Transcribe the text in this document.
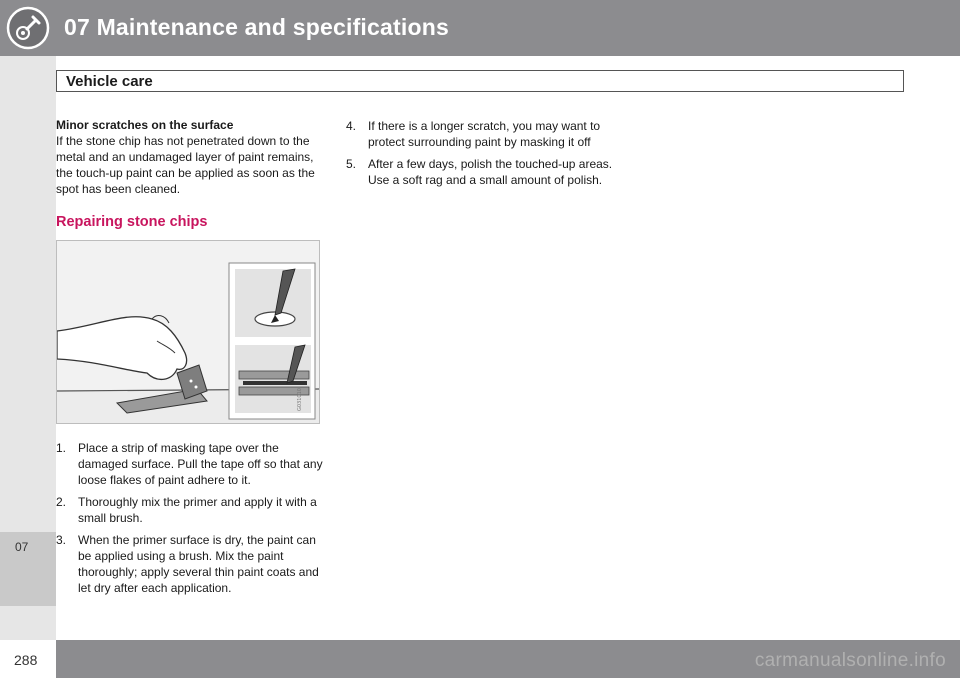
07 Maintenance and specifications
07
Vehicle care

Minor scratches on the surface

If the stone chip has not penetrated down to the metal and an undamaged layer of paint remains, the touch-up paint can be applied as soon as the spot has been cleaned.

Repairing stone chips

G031010
1. Place a strip of masking tape over the damaged surface. Pull the tape off so that any loose flakes of paint adhere to it.
2. Thoroughly mix the primer and apply it with a small brush.
3. When the primer surface is dry, the paint can be applied using a brush. Mix the paint thoroughly; apply several thin paint coats and let dry after each application.
4. If there is a longer scratch, you may want to protect surrounding paint by masking it off
5. After a few days, polish the touched-up areas. Use a soft rag and a small amount of polish.
288	carmanualsonline.info
